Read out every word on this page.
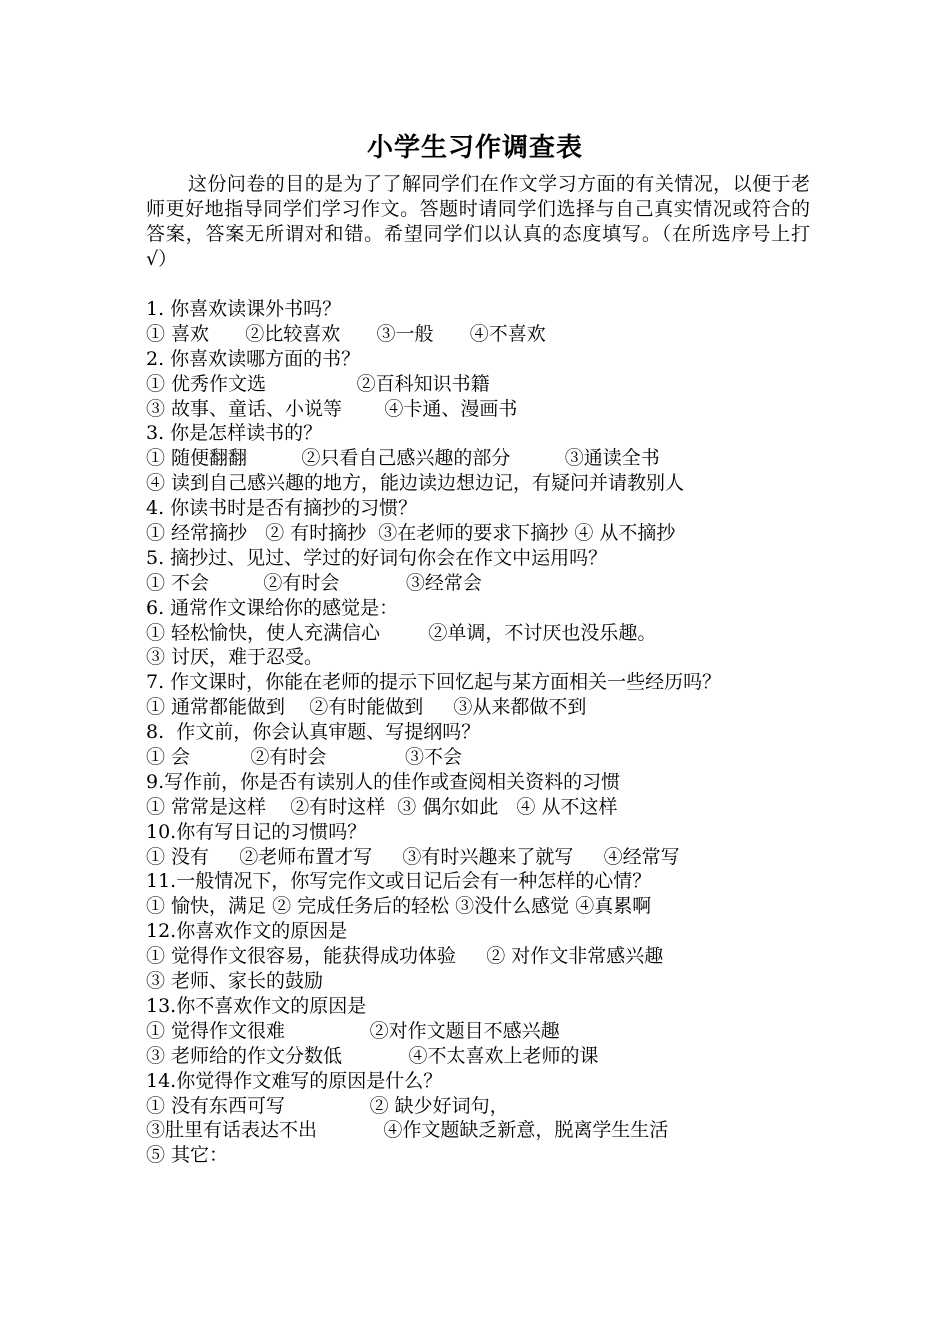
小学生习作调查表

这份问卷的目的是为了了解同学们在作文学习方面的有关情况，以便于老师更好地指导同学们学习作文。答题时请同学们选择与自己真实情况或符合的答案，答案无所谓对和错。希望同学们以认真的态度填写。（在所选序号上打 √）

1. 你喜欢读课外书吗？
① 喜欢      ②比较喜欢      ③一般      ④不喜欢
2. 你喜欢读哪方面的书？
① 优秀作文选               ②百科知识书籍
③ 故事、童话、小说等       ④卡通、漫画书
3. 你是怎样读书的？
① 随便翻翻         ②只看自己感兴趣的部分         ③通读全书
④ 读到自己感兴趣的地方，能边读边想边记，有疑问并请教别人
4. 你读书时是否有摘抄的习惯？
① 经常摘抄   ② 有时摘抄  ③在老师的要求下摘抄 ④ 从不摘抄
5. 摘抄过、见过、学过的好词句你会在作文中运用吗？
① 不会         ②有时会           ③经常会
6. 通常作文课给你的感觉是：
① 轻松愉快，使人充满信心        ②单调，不讨厌也没乐趣。
③ 讨厌，难于忍受。
7. 作文课时，你能在老师的提示下回忆起与某方面相关一些经历吗？
① 通常都能做到    ②有时能做到     ③从来都做不到
8.  作文前，你会认真审题、写提纲吗？
① 会          ②有时会             ③不会
9.写作前，你是否有读别人的佳作或查阅相关资料的习惯
① 常常是这样    ②有时这样  ③ 偶尔如此   ④ 从不这样
10.你有写日记的习惯吗？
① 没有     ②老师布置才写     ③有时兴趣来了就写     ④经常写
11.一般情况下，你写完作文或日记后会有一种怎样的心情？
① 愉快，满足 ② 完成任务后的轻松 ③没什么感觉 ④真累啊
12.你喜欢作文的原因是
① 觉得作文很容易，能获得成功体验     ② 对作文非常感兴趣
③ 老师、家长的鼓励
13.你不喜欢作文的原因是
① 觉得作文很难              ②对作文题目不感兴趣
③ 老师给的作文分数低           ④不太喜欢上老师的课
14.你觉得作文难写的原因是什么？
① 没有东西可写              ② 缺少好词句，
③肚里有话表达不出           ④作文题缺乏新意，脱离学生生活
⑤ 其它：
